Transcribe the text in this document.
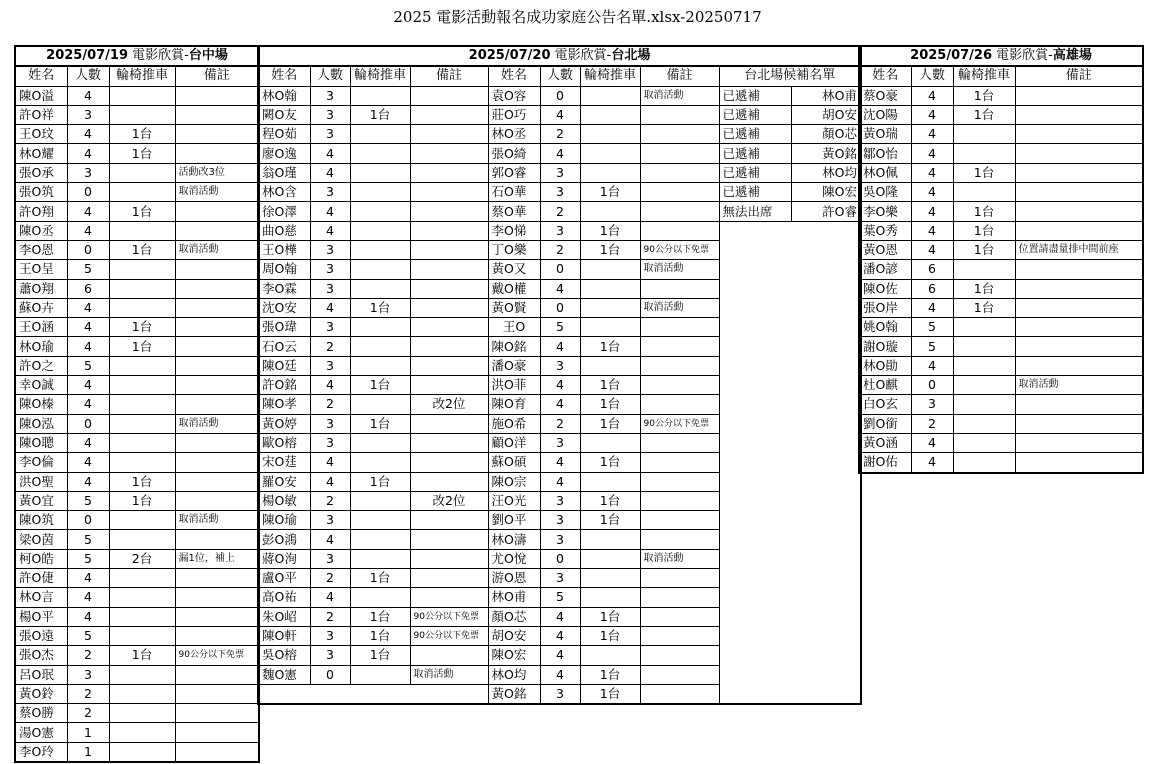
2025 電影活動報名成功家庭公告名單.xlsx-20250717
2025/07/19 電影欣賞-台中場			
姓名	人數	輪椅推車	備註
陳O溢	4		
許O祥	3		
王O玟	4	1台	
林O耀	4	1台	
張O承	3		活動改3位
張O筑	0		取消活動
許O翔	4	1台	
陳O丞	4		
李O恩	0	1台	取消活動
王O呈	5		
蕭O翔	6		
蘇O卉	4		
王O涵	4	1台	
林O瑜	4	1台	
許O之	5		
幸O誠	4		
陳O榛	4		
陳O泓	0		取消活動
陳O聰	4		
李O倫	4		
洪O聖	4	1台	
黃O宜	5	1台	
陳O筑	0		取消活動
梁O茵	5		
柯O皓	5	2台	漏1位，補上
許O倢	4		
林O言	4		
楊O平	4		
張O遠	5		
張O杰	2	1台	90公分以下免票
呂O珉	3		
黃O鈴	2		
蔡O勝	2		
湯O憲	1		
李O玲	1		
2025/07/20 電影欣賞-台北場									
姓名	人數	輪椅推車	備註	姓名	人數	輪椅推車	備註	台北場候補名單	
林O翰	3			袁O容	0		取消活動	已遞補	林O甫
闕O友	3	1台		莊O巧	4			已遞補	胡O安
程O茹	3			林O丞	2			已遞補	顏O芯
廖O逸	4			張O綺	4			已遞補	黃O銘
翁O瑾	4			郭O睿	3			已遞補	林O均
林O含	3			石O華	3	1台		已遞補	陳O宏
徐O澤	4			蔡O華	2			無法出席	許O睿
曲O慈	4			李O悌	3	1台			
王O樺	3			丁O樂	2	1台	90公分以下免票		
周O翰	3			黃O又	0		取消活動		
李O霖	3			戴O權	4				
沈O安	4	1台		黃O賢	0		取消活動		
張O瑋	3			王O	5				
石O云	2			陳O銘	4	1台			
陳O廷	3			潘O豪	3				
許O銘	4	1台		洪O菲	4	1台			
陳O孝	2		改2位	陳O育	4	1台			
黃O婷	3	1台		施O希	2	1台	90公分以下免票		
歐O榕	3			顧O洋	3				
宋O莛	4			蘇O碩	4	1台			
羅O安	4	1台		陳O宗	4				
楊O敏	2		改2位	汪O光	3	1台			
陳O瑜	3			劉O平	3	1台			
彭O鴻	4			林O濤	3				
蔣O洵	3			尤O悅	0		取消活動		
盧O平	2	1台		游O恩	3				
高O祐	4			林O甫	5				
朱O岹	2	1台	90公分以下免票	顏O芯	4	1台			
陳O軒	3	1台	90公分以下免票	胡O安	4	1台			
吳O榕	3	1台		陳O宏	4				
魏O憲	0		取消活動	林O均	4	1台			
				黃O銘	3	1台			
2025/07/26 電影欣賞-高雄場			
姓名	人數	輪椅推車	備註
蔡O豪	4	1台	
沈O陽	4	1台	
黃O瑞	4		
鄒O怡	4		
林O佩	4	1台	
吳O隆	4		
李O樂	4	1台	
葉O秀	4	1台	
黃O恩	4	1台	位置請盡量排中間前座
潘O諺	6		
陳O佐	6	1台	
張O岸	4	1台	
姚O翰	5		
謝O璇	5		
林O勛	4		
杜O麒	0		取消活動
白O玄	3		
劉O銜	2		
黃O涵	4		
謝O佑	4		
